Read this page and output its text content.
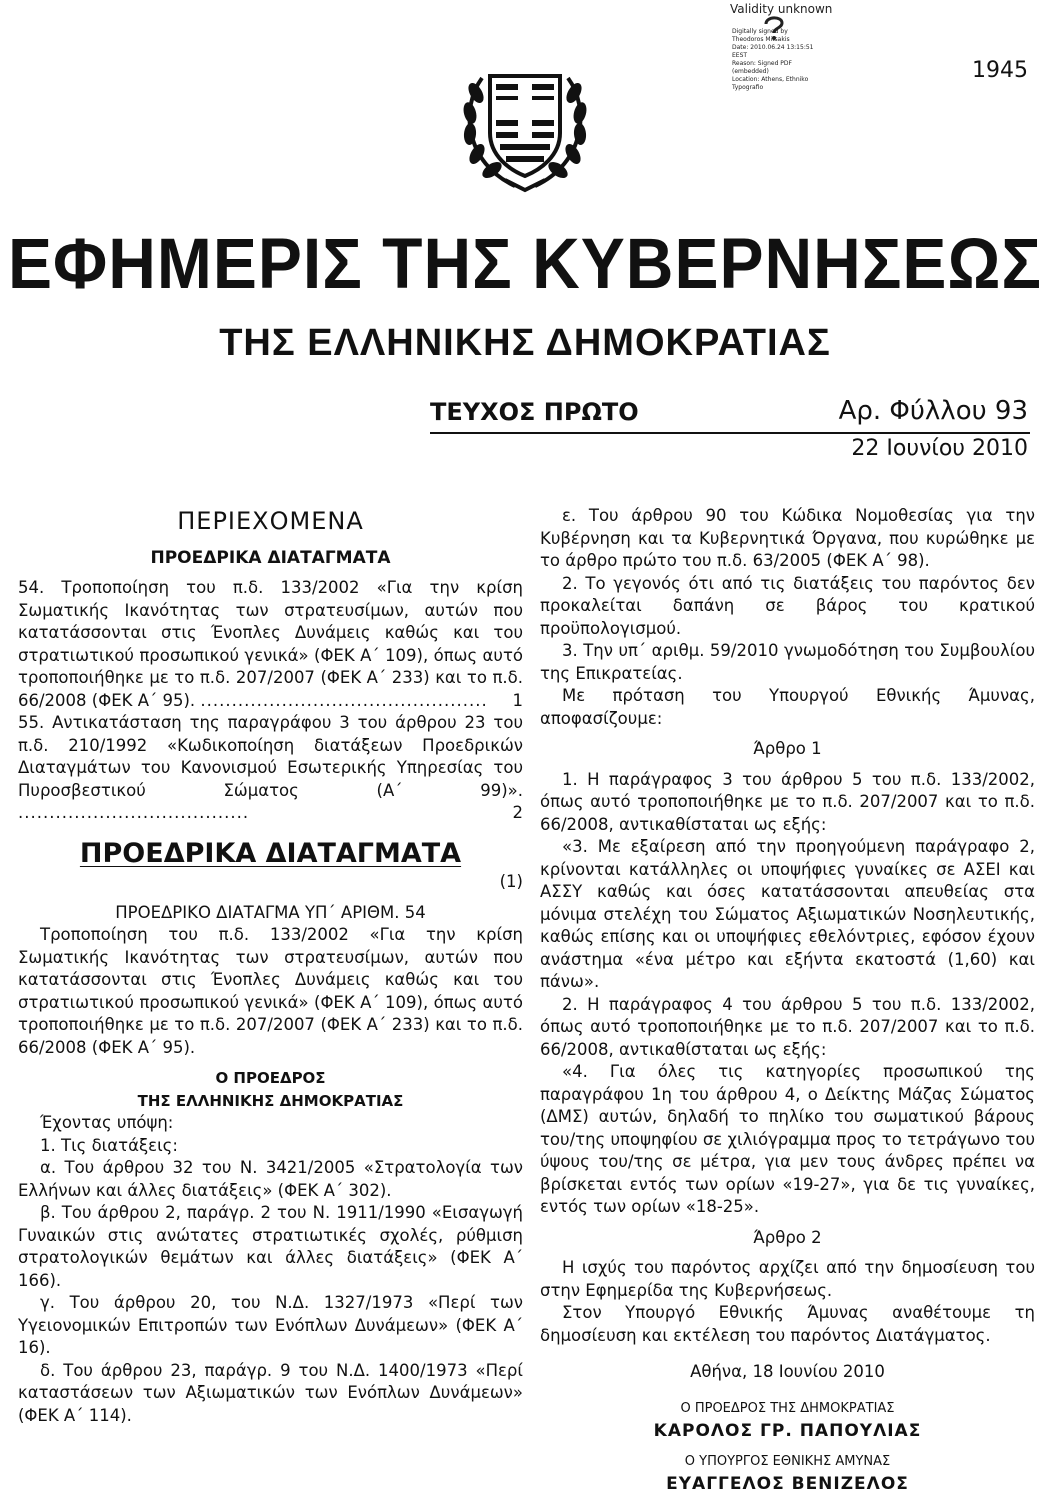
Validity unknown
Digitally signed by
Theodoros Mitsakis
Date: 2010.06.24 13:15:51
EEST
Reason: Signed PDF
(embedded)
Location: Athens, Ethniko
Typografio
1945
ΕΦΗΜΕΡΙΣ ΤΗΣ ΚΥΒΕΡΝΗΣΕΩΣ
ΤΗΣ ΕΛΛΗΝΙΚΗΣ ΔΗΜΟΚΡΑΤΙΑΣ
ΤΕΥΧΟΣ ΠΡΩΤΟ	Αρ. Φύλλου 93
22 Ιουνίου 2010
ΠΕΡΙΕΧΟΜΕΝΑ
ΠΡΟΕΔΡΙΚΑ ΔΙΑΤΑΓΜΑΤΑ
54. Τροποποίηση του π.δ. 133/2002 «Για την κρίση Σωματικής Ικανότητας των στρατευσίμων, αυτών που κατατάσσονται στις Ένοπλες Δυνάμεις καθώς και του στρατιωτικού προσωπικού γενικά» (ΦΕΚ Α΄ 109), όπως αυτό τροποποιήθηκε με το π.δ. 207/2007 (ΦΕΚ Α΄ 233) και το π.δ. 66/2008 (ΦΕΚ Α΄ 95). .............................................. 1
55. Αντικατάσταση της παραγράφου 3 του άρθρου 23 του π.δ. 210/1992 «Κωδικοποίηση διατάξεων Προεδρικών Διαταγμάτων του Κανονισμού Εσωτερικής Υπηρεσίας του Πυροσβεστικού Σώματος (Α΄ 99)». .....................................	2
ΠΡΟΕΔΡΙΚΑ ΔΙΑΤΑΓΜΑΤΑ
(1)
ΠΡΟΕΔΡΙΚΟ ΔΙΑΤΑΓΜΑ ΥΠ΄ ΑΡΙΘΜ. 54
Τροποποίηση του π.δ. 133/2002 «Για την κρίση Σωματικής Ικανότητας των στρατευσίμων, αυτών που κατατάσσονται στις Ένοπλες Δυνάμεις καθώς και του στρατιωτικού προσωπικού γενικά» (ΦΕΚ Α΄ 109), όπως αυτό τροποποιήθηκε με το π.δ. 207/2007 (ΦΕΚ Α΄ 233) και το π.δ. 66/2008 (ΦΕΚ Α΄ 95).
Ο ΠΡΟΕΔΡΟΣ
ΤΗΣ ΕΛΛΗΝΙΚΗΣ ΔΗΜΟΚΡΑΤΙΑΣ
Έχοντας υπόψη:
1. Τις διατάξεις:
α. Του άρθρου 32 του Ν. 3421/2005 «Στρατολογία των Ελλήνων και άλλες διατάξεις» (ΦΕΚ Α΄ 302).
β. Του άρθρου 2, παράγρ. 2 του Ν. 1911/1990 «Εισαγωγή Γυναικών στις ανώτατες στρατιωτικές σχολές, ρύθμιση στρατολογικών θεμάτων και άλλες διατάξεις» (ΦΕΚ Α΄ 166).
γ. Του άρθρου 20, του Ν.Δ. 1327/1973 «Περί των Υγειονομικών Επιτροπών των Ενόπλων Δυνάμεων» (ΦΕΚ Α΄ 16).
δ. Του άρθρου 23, παράγρ. 9 του Ν.Δ. 1400/1973 «Περί καταστάσεων των Αξιωματικών των Ενόπλων Δυνάμεων» (ΦΕΚ Α΄ 114).
ε. Του άρθρου 90 του Κώδικα Νομοθεσίας για την Κυβέρνηση και τα Κυβερνητικά Όργανα, που κυρώθηκε με το άρθρο πρώτο του π.δ. 63/2005 (ΦΕΚ Α΄ 98).
2. Το γεγονός ότι από τις διατάξεις του παρόντος δεν προκαλείται δαπάνη σε βάρος του κρατικού προϋπολογισμού.
3. Την υπ΄ αριθμ. 59/2010 γνωμοδότηση του Συμβουλίου της Επικρατείας.
Με πρόταση του Υπουργού Εθνικής Άμυνας, αποφασίζουμε:
Άρθρο 1
1. Η παράγραφος 3 του άρθρου 5 του π.δ. 133/2002, όπως αυτό τροποποιήθηκε με το π.δ. 207/2007 και το π.δ. 66/2008, αντικαθίσταται ως εξής:
«3. Με εξαίρεση από την προηγούμενη παράγραφο 2, κρίνονται κατάλληλες οι υποψήφιες γυναίκες σε ΑΣΕΙ και ΑΣΣΥ καθώς και όσες κατατάσσονται απευθείας στα μόνιμα στελέχη του Σώματος Αξιωματικών Νοσηλευτικής, καθώς επίσης και οι υποψήφιες εθελόντριες, εφόσον έχουν ανάστημα «ένα μέτρο και εξήντα εκατοστά (1,60) και πάνω».
2. Η παράγραφος 4 του άρθρου 5 του π.δ. 133/2002, όπως αυτό τροποποιήθηκε με το π.δ. 207/2007 και το π.δ. 66/2008, αντικαθίσταται ως εξής:
«4. Για όλες τις κατηγορίες προσωπικού της παραγράφου 1η του άρθρου 4, ο Δείκτης Μάζας Σώματος (ΔΜΣ) αυτών, δηλαδή το πηλίκο του σωματικού βάρους του/της υποψηφίου σε χιλιόγραμμα προς το τετράγωνο του ύψους του/της σε μέτρα, για μεν τους άνδρες πρέπει να βρίσκεται εντός των ορίων «19-27», για δε τις γυναίκες, εντός των ορίων «18-25».
Άρθρο 2
Η ισχύς του παρόντος αρχίζει από την δημοσίευση του στην Εφημερίδα της Κυβερνήσεως.
Στον Υπουργό Εθνικής Άμυνας αναθέτουμε τη δημοσίευση και εκτέλεση του παρόντος Διατάγματος.
Αθήνα, 18 Ιουνίου 2010
Ο ΠΡΟΕΔΡΟΣ ΤΗΣ ΔΗΜΟΚΡΑΤΙΑΣ
ΚΑΡΟΛΟΣ ΓΡ. ΠΑΠΟΥΛΙΑΣ
Ο ΥΠΟΥΡΓΟΣ ΕΘΝΙΚΗΣ ΑΜΥΝΑΣ
ΕΥΑΓΓΕΛΟΣ ΒΕΝΙΖΕΛΟΣ
